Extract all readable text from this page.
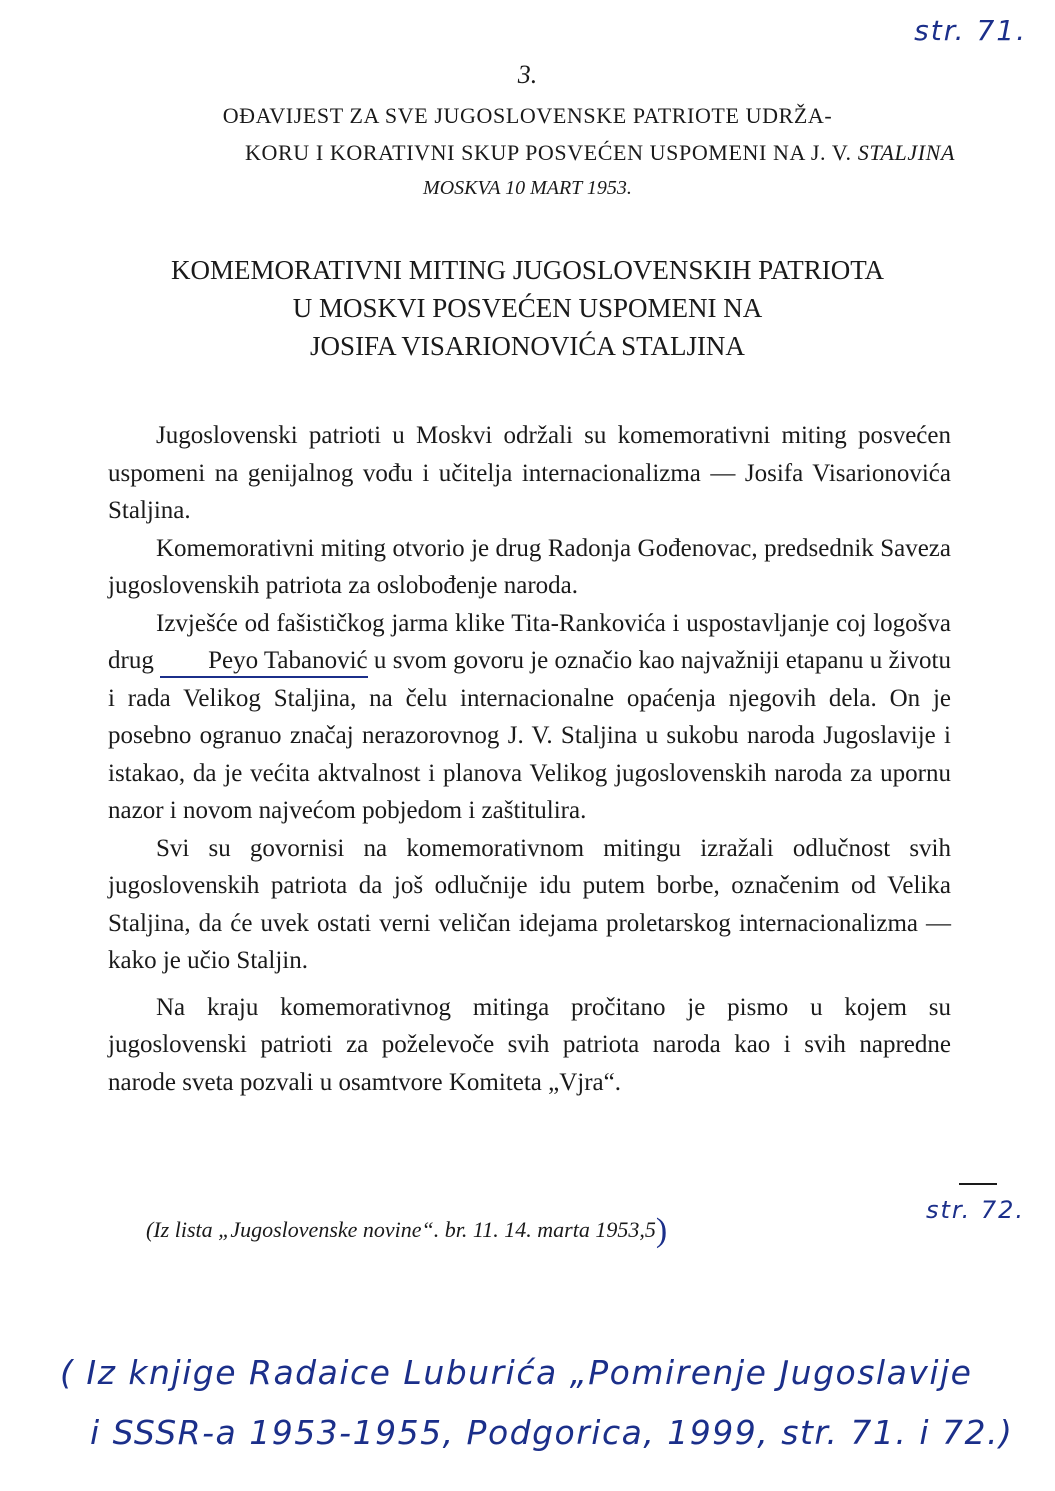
str. 71.
3.
OĐAVIJEST ZA SVE JUGOSLOVENSKE PATRIOTE UDRŽA-
KORU I KORATIVNI SKUP POSVEĆEN USPOMENI NA J. V. STALJINA
MOSKVA 10 MART 1953.
KOMEMORATIVNI MITING JUGOSLOVENSKIH PATRIOTA
U MOSKVI POSVEĆEN USPOMENI NA
JOSIFA VISARIONOVIĆA STALJINA

Jugoslovenski patrioti u Moskvi održali su komemorativni miting posvećen uspomeni na genijalnog vođu i učitelja internacionalizma — Josifa Visarionovića Staljina.

Komemorativni miting otvorio je drug Radonja Gođenovac, predsednik Saveza jugoslovenskih patriota za oslobođenje naroda.

Izvješće od fašističkog jarma klike Tita-Rankovića i uspostavljanje coj logošva drug Peyo Tabanović u svom govoru je označio kao najvažniji etapanu u životu i rada Velikog Staljina, na čelu internacionalne opaćenja njegovih dela. On je posebno ogranuo značaj nerazorovnog J. V. Staljina u sukobu naroda Jugoslavije i istakao, da je većita aktvalnost i planova Velikog jugoslovenskih naroda za upornu nazor i novom najvećom pobjedom i zaštitulira.

Svi su govornisi na komemorativnom mitingu izražali odlučnost svih jugoslovenskih patriota da još odlučnije idu putem borbe, označenim od Velika Staljina, da će uvek ostati verni veličan idejama proletarskog internacionalizma — kako je učio Staljin.

Na kraju komemorativnog mitinga pročitano je pismo u kojem su jugoslovenski patrioti za poželevoče svih patriota naroda kao i svih napredne narode sveta pozvali u osamtvore Komiteta „Vjra“.

str. 72.
(Iz lista „Jugoslovenske novine“. br. 11. 14. marta 1953,5)
( Iz knjige Radaice Luburića „Pomirenje Jugoslavije
i SSSR-a 1953-1955, Podgorica, 1999, str. 71. i 72.)
